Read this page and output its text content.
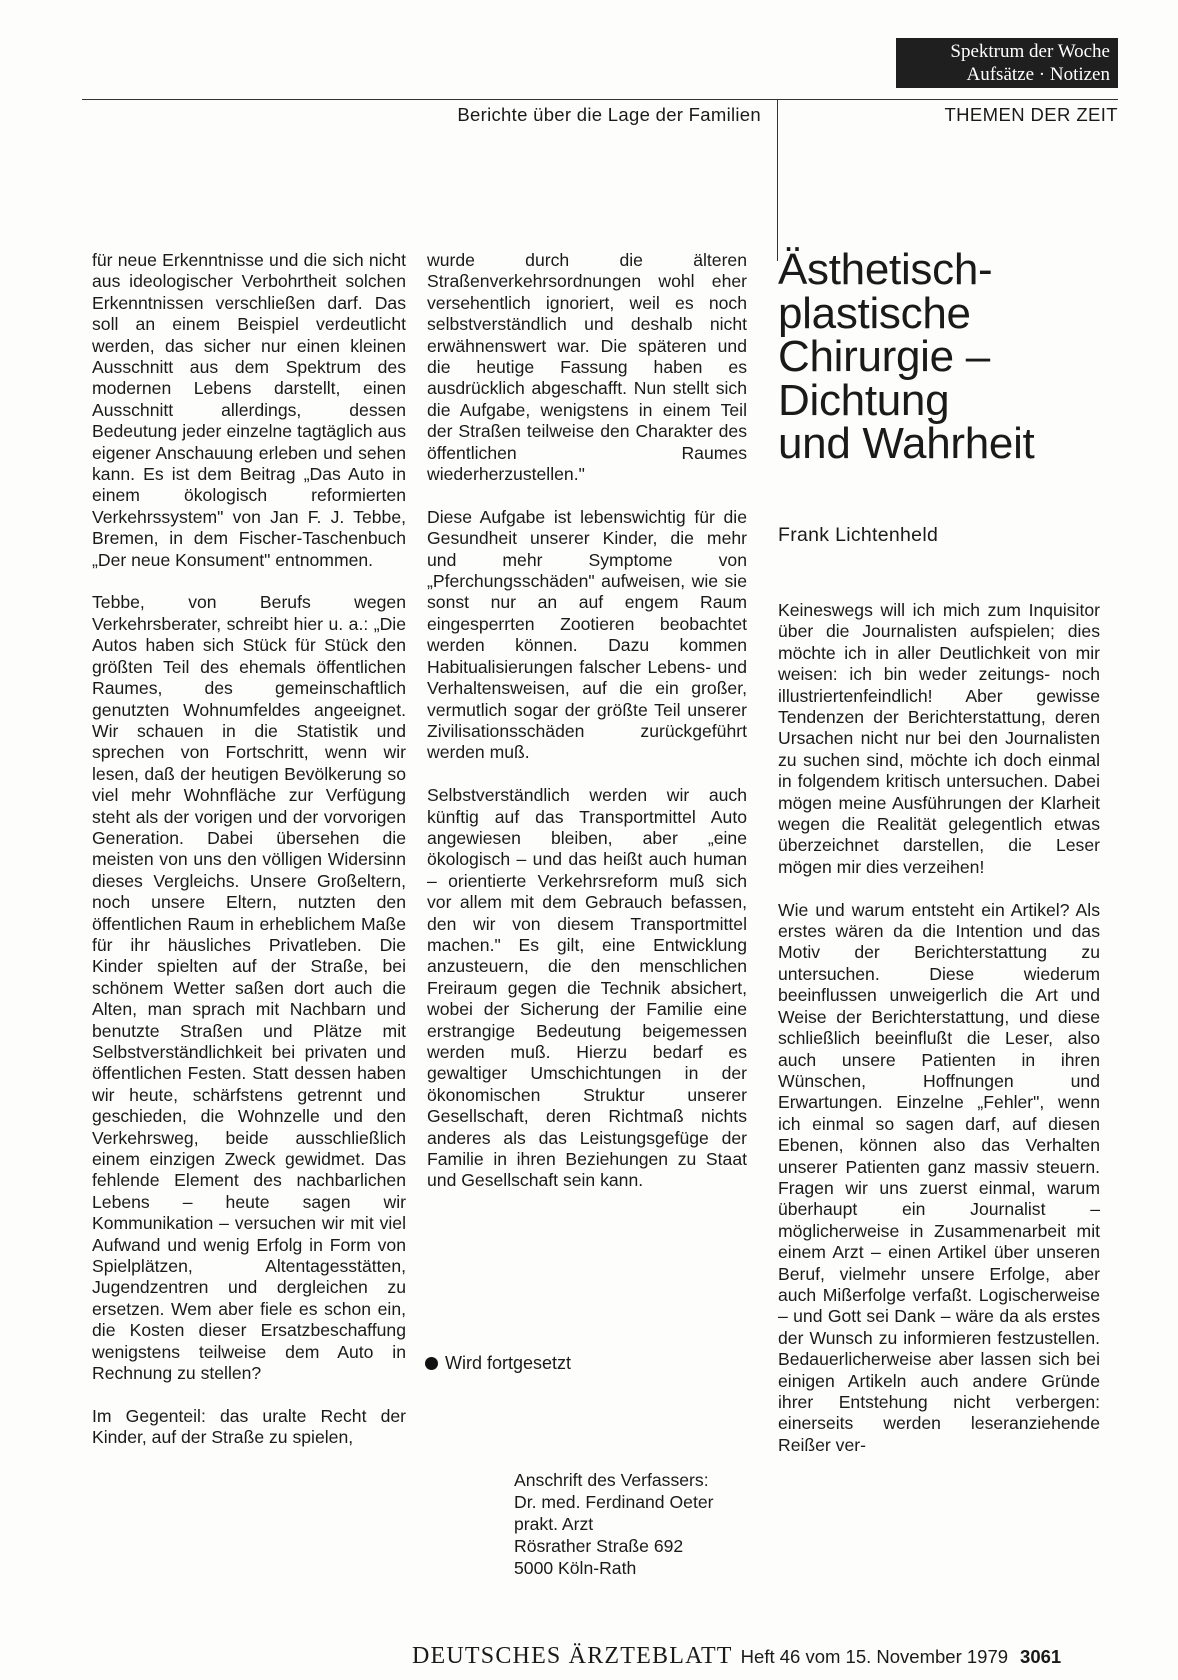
Spektrum der Woche
Aufsätze · Notizen
Berichte über die Lage der Familien	THEMEN DER ZEIT

für neue Erkenntnisse und die sich nicht aus ideologischer Verbohrtheit solchen Erkenntnissen verschließen darf. Das soll an einem Beispiel verdeutlicht werden, das sicher nur einen kleinen Ausschnitt aus dem Spektrum des modernen Lebens darstellt, einen Ausschnitt allerdings, dessen Bedeutung jeder einzelne tagtäglich aus eigener Anschauung erleben und sehen kann. Es ist dem Beitrag „Das Auto in einem ökologisch reformierten Verkehrssystem" von Jan F. J. Tebbe, Bremen, in dem Fischer-Taschenbuch „Der neue Konsument" entnommen.

Tebbe, von Berufs wegen Verkehrsberater, schreibt hier u. a.: „Die Autos haben sich Stück für Stück den größten Teil des ehemals öffentlichen Raumes, des gemeinschaftlich genutzten Wohnumfeldes angeeignet. Wir schauen in die Statistik und sprechen von Fortschritt, wenn wir lesen, daß der heutigen Bevölkerung so viel mehr Wohnfläche zur Verfügung steht als der vorigen und der vorvorigen Generation. Dabei übersehen die meisten von uns den völligen Widersinn dieses Vergleichs. Unsere Großeltern, noch unsere Eltern, nutzten den öffentlichen Raum in erheblichem Maße für ihr häusliches Privatleben. Die Kinder spielten auf der Straße, bei schönem Wetter saßen dort auch die Alten, man sprach mit Nachbarn und benutzte Straßen und Plätze mit Selbstverständlichkeit bei privaten und öffentlichen Festen. Statt dessen haben wir heute, schärfstens getrennt und geschieden, die Wohnzelle und den Verkehrsweg, beide ausschließlich einem einzigen Zweck gewidmet. Das fehlende Element des nachbarlichen Lebens – heute sagen wir Kommunikation – versuchen wir mit viel Aufwand und wenig Erfolg in Form von Spielplätzen, Altentagesstätten, Jugendzentren und dergleichen zu ersetzen. Wem aber fiele es schon ein, die Kosten dieser Ersatzbeschaffung wenigstens teilweise dem Auto in Rechnung zu stellen?

Im Gegenteil: das uralte Recht der Kinder, auf der Straße zu spielen,

wurde durch die älteren Straßenverkehrsordnungen wohl eher versehentlich ignoriert, weil es noch selbstverständlich und deshalb nicht erwähnenswert war. Die späteren und die heutige Fassung haben es ausdrücklich abgeschafft. Nun stellt sich die Aufgabe, wenigstens in einem Teil der Straßen teilweise den Charakter des öffentlichen Raumes wiederherzustellen."

Diese Aufgabe ist lebenswichtig für die Gesundheit unserer Kinder, die mehr und mehr Symptome von „Pferchungsschäden" aufweisen, wie sie sonst nur an auf engem Raum eingesperrten Zootieren beobachtet werden können. Dazu kommen Habitualisierungen falscher Lebens- und Verhaltensweisen, auf die ein großer, vermutlich sogar der größte Teil unserer Zivilisationsschäden zurückgeführt werden muß.

Selbstverständlich werden wir auch künftig auf das Transportmittel Auto angewiesen bleiben, aber „eine ökologisch – und das heißt auch human – orientierte Verkehrsreform muß sich vor allem mit dem Gebrauch befassen, den wir von diesem Transportmittel machen." Es gilt, eine Entwicklung anzusteuern, die den menschlichen Freiraum gegen die Technik absichert, wobei der Sicherung der Familie eine erstrangige Bedeutung beigemessen werden muß. Hierzu bedarf es gewaltiger Umschichtungen in der ökonomischen Struktur unserer Gesellschaft, deren Richtmaß nichts anderes als das Leistungsgefüge der Familie in ihren Beziehungen zu Staat und Gesellschaft sein kann.

Wird fortgesetzt
Anschrift des Verfassers:
Dr. med. Ferdinand Oeter
prakt. Arzt
Rösrather Straße 692
5000 Köln-Rath
Ästhetisch-
plastische
Chirurgie –
Dichtung
und Wahrheit
Frank Lichtenheld

Keineswegs will ich mich zum Inquisitor über die Journalisten aufspielen; dies möchte ich in aller Deutlichkeit von mir weisen: ich bin weder zeitungs- noch illustriertenfeindlich! Aber gewisse Tendenzen der Berichterstattung, deren Ursachen nicht nur bei den Journalisten zu suchen sind, möchte ich doch einmal in folgendem kritisch untersuchen. Dabei mögen meine Ausführungen der Klarheit wegen die Realität gelegentlich etwas überzeichnet darstellen, die Leser mögen mir dies verzeihen!

Wie und warum entsteht ein Artikel? Als erstes wären da die Intention und das Motiv der Berichterstattung zu untersuchen. Diese wiederum beeinflussen unweigerlich die Art und Weise der Berichterstattung, und diese schließlich beeinflußt die Leser, also auch unsere Patienten in ihren Wünschen, Hoffnungen und Erwartungen. Einzelne „Fehler", wenn ich einmal so sagen darf, auf diesen Ebenen, können also das Verhalten unserer Patienten ganz massiv steuern. Fragen wir uns zuerst einmal, warum überhaupt ein Journalist – möglicherweise in Zusammenarbeit mit einem Arzt – einen Artikel über unseren Beruf, vielmehr unsere Erfolge, aber auch Mißerfolge verfaßt. Logischerweise – und Gott sei Dank – wäre da als erstes der Wunsch zu informieren festzustellen. Bedauerlicherweise aber lassen sich bei einigen Artikeln auch andere Gründe ihrer Entstehung nicht verbergen: einerseits werden leseranziehende Reißer ver-

DEUTSCHES ÄRZTEBLATT Heft 46 vom 15. November 1979 3061
